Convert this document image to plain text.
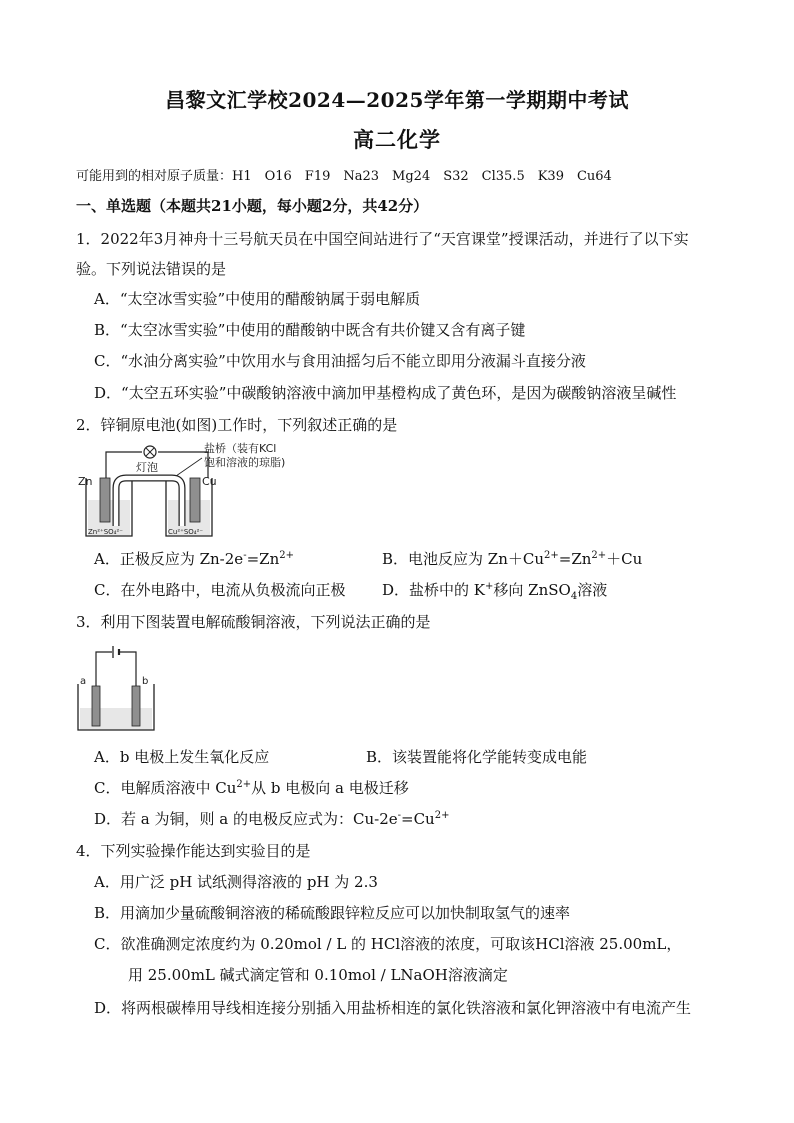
昌黎文汇学校2024—2025学年第一学期期中考试
高二化学
可能用到的相对原子质量：H1　O16　F19　Na23　Mg24　S32　Cl35.5　K39　Cu64
一、单选题（本题共21小题，每小题2分，共42分）
1．2022年3月神舟十三号航天员在中国空间站进行了“天宫课堂”授课活动，并进行了以下实
验。下列说法错误的是
A．“太空冰雪实验”中使用的醋酸钠属于弱电解质
B．“太空冰雪实验”中使用的醋酸钠中既含有共价键又含有离子键
C．“水油分离实验”中饮用水与食用油摇匀后不能立即用分液漏斗直接分液
D．“太空五环实验”中碳酸钠溶液中滴加甲基橙构成了黄色环，是因为碳酸钠溶液呈碱性
2．锌铜原电池(如图)工作时，下列叙述正确的是
灯泡
盐桥（装有KCl
饱和溶液的琼脂)
Zn	Cu
Zn²⁺SO₄²⁻	Cu²⁺SO₄²⁻
A．正极反应为 $Zn-2e^-=Zn^{2+}$	B．电池反应为 $Zn+Cu^{2+}=Zn^{2+}+Cu$
C．在外电路中，电流从负极流向正极 D．盐桥中的 K+移向 ZnSO$_4$溶液
3．利用下图装置电解硫酸铜溶液，下列说法正确的是
a	b
A．b 电极上发生氧化反应	B．该装置能将化学能转变成电能
C．电解质溶液中 $Cu^{2+}$从 b 电极向 a 电极迁移
D．若 a 为铜，则 a 的电极反应式为：$Cu-2e^-=Cu^{2+}$
4．下列实验操作能达到实验目的是
A．用广泛 pH 试纸测得溶液的 pH 为 2.3
B．用滴加少量硫酸铜溶液的稀硫酸跟锌粒反应可以加快制取氢气的速率
C．欲准确测定浓度约为 0.20mol / L 的 HCl溶液的浓度，可取该HCl溶液 25.00mL，
用 25.00mL 碱式滴定管和 0.10mol / LNaOH溶液滴定
D．将两根碳棒用导线相连接分别插入用盐桥相连的氯化铁溶液和氯化钾溶液中有电流产生
